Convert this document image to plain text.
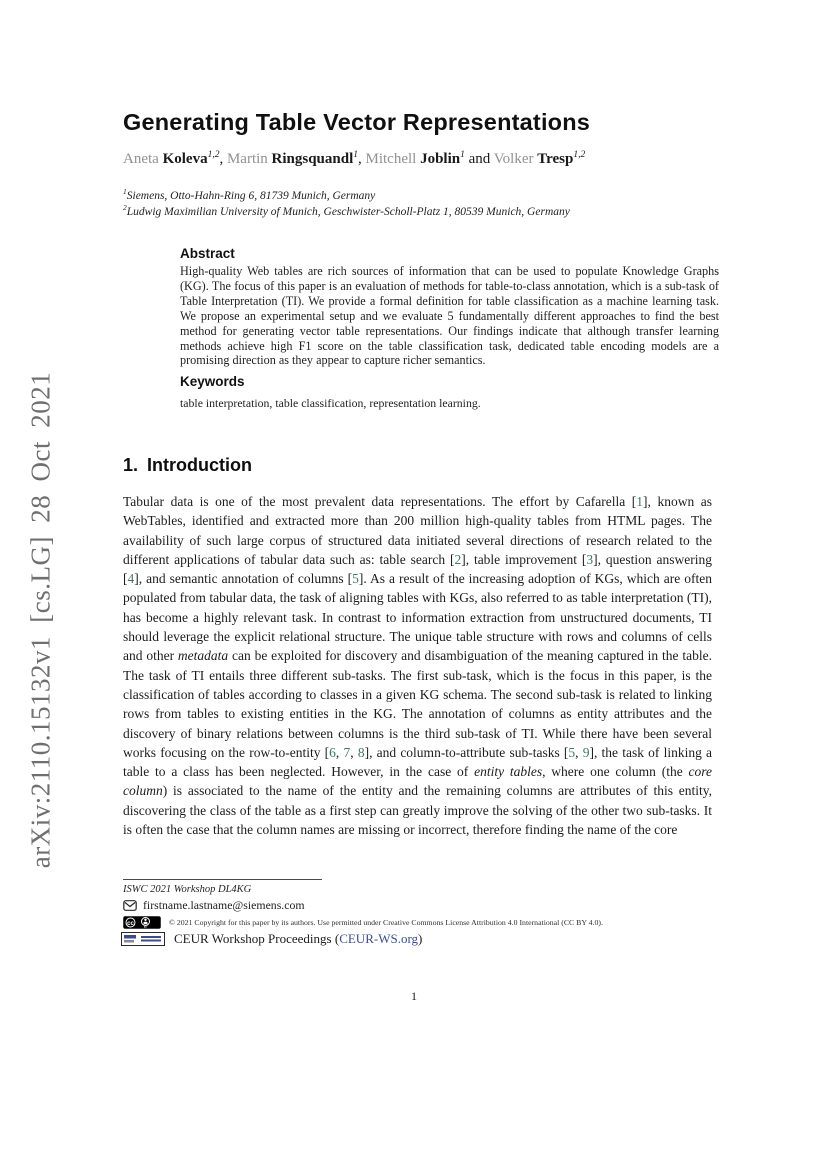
arXiv:2110.15132v1 [cs.LG] 28 Oct 2021
Generating Table Vector Representations
Aneta Koleva$^{1,2}$, Martin Ringsquandl$^1$, Mitchell Joblin$^1$ and Volker Tresp$^{1,2}$
$^1$Siemens, Otto-Hahn-Ring 6, 81739 Munich, Germany
$^2$Ludwig Maximilian University of Munich, Geschwister-Scholl-Platz 1, 80539 Munich, Germany
Abstract
High-quality Web tables are rich sources of information that can be used to populate Knowledge Graphs (KG). The focus of this paper is an evaluation of methods for table-to-class annotation, which is a sub-task of Table Interpretation (TI). We provide a formal definition for table classification as a machine learning task. We propose an experimental setup and we evaluate 5 fundamentally different approaches to find the best method for generating vector table representations. Our findings indicate that although transfer learning methods achieve high F1 score on the table classification task, dedicated table encoding models are a promising direction as they appear to capture richer semantics.
Keywords
table interpretation, table classification, representation learning.
1. Introduction

Tabular data is one of the most prevalent data representations. The effort by Cafarella [1], known as WebTables, identified and extracted more than 200 million high-quality tables from HTML pages. The availability of such large corpus of structured data initiated several directions of research related to the different applications of tabular data such as: table search [2], table improvement [3], question answering [4], and semantic annotation of columns [5]. As a result of the increasing adoption of KGs, which are often populated from tabular data, the task of aligning tables with KGs, also referred to as table interpretation (TI), has become a highly relevant task. In contrast to information extraction from unstructured documents, TI should leverage the explicit relational structure. The unique table structure with rows and columns of cells and other metadata can be exploited for discovery and disambiguation of the meaning captured in the table. The task of TI entails three different sub-tasks. The first sub-task, which is the focus in this paper, is the classification of tables according to classes in a given KG schema. The second sub-task is related to linking rows from tables to existing entities in the KG. The annotation of columns as entity attributes and the discovery of binary relations between columns is the third sub-task of TI. While there have been several works focusing on the row-to-entity [6, 7, 8], and column-to-attribute sub-tasks [5, 9], the task of linking a table to a class has been neglected. However, in the case of entity tables, where one column (the core column) is associated to the name of the entity and the remaining columns are attributes of this entity, discovering the class of the table as a first step can greatly improve the solving of the other two sub-tasks. It is often the case that the column names are missing or incorrect, therefore finding the name of the core

ISWC 2021 Workshop DL4KG
firstname.lastname@siemens.com
cc
BY
© 2021 Copyright for this paper by its authors. Use permitted under Creative Commons License Attribution 4.0 International (CC BY 4.0).
CEUR Workshop Proceedings (CEUR-WS.org)
1
